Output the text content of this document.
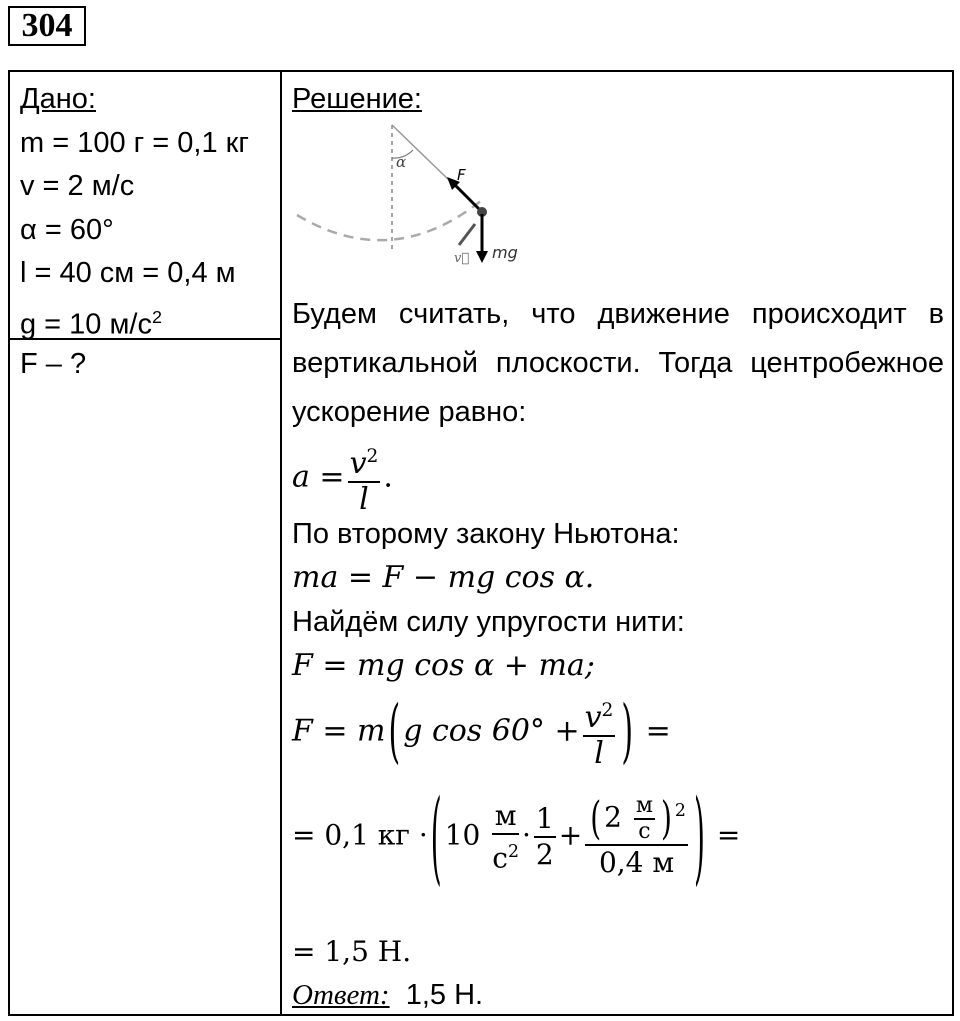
304
Дано:
m = 100 г = 0,1 кг
v = 2 м/с
α = 60°
l = 40 см = 0,4 м
g = 10 $м/с^2$
F – ?
Решение:
α
F
mg
v⃗
Будем считать, что движение происходит в вертикальной плоскости. Тогда центробежное ускорение равно:
$a = \frac{v^2}{l}$ .
По второму закону Ньютона:
ma = F − mg cos α.
Найдём силу упругости нити:
F = mg cos α + ma;
F = m ( g $\cos 60^\circ + \frac{v^2}{l}$ ) =
= 0,1 кг · ( $10 \frac{м}{с^2} \cdot \frac{1}{2} + \frac{( 2 \frac{м}{с} ) ^2}{0,4 м}$ ) =
= 1,5 Н.
Ответ: 1,5 Н.
